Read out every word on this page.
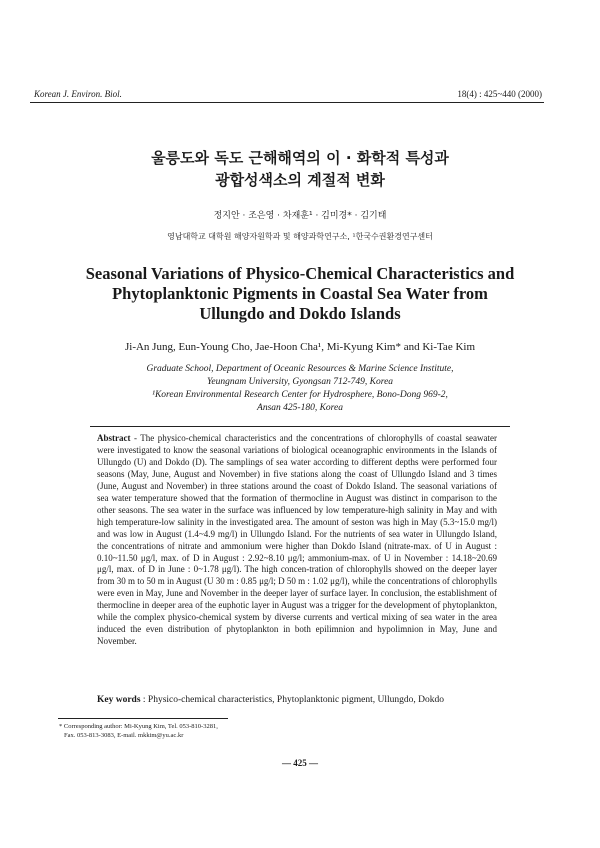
Korean J. Environ. Biol.	18(4) : 425~440 (2000)
울릉도와 독도 근해해역의 이 · 화학적 특성과
광합성색소의 계절적 변화
정지안 · 조은영 · 차재훈¹ · 김미경* · 김기태
영남대학교 대학원 해양자원학과 및 해양과학연구소, ¹한국수권환경연구센터
Seasonal Variations of Physico-Chemical Characteristics and
Phytoplanktonic Pigments in Coastal Sea Water from
Ullungdo and Dokdo Islands
Ji-An Jung, Eun-Young Cho, Jae-Hoon Cha¹, Mi-Kyung Kim* and Ki-Tae Kim
Graduate School, Department of Oceanic Resources & Marine Science Institute,
Yeungnam University, Gyongsan 712-749, Korea
¹Korean Environmental Research Center for Hydrosphere, Bono-Dong 969-2,
Ansan 425-180, Korea
Abstract - The physico-chemical characteristics and the concentrations of chlorophylls of coastal seawater were investigated to know the seasonal variations of biological oceanographic environments in the Islands of Ullungdo (U) and Dokdo (D). The samplings of sea water according to different depths were performed four seasons (May, June, August and November) in five stations along the coast of Ullungdo Island and 3 times (June, August and November) in three stations around the coast of Dokdo Island. The seasonal variations of sea water temperature showed that the formation of thermocline in August was distinct in comparison to the other seasons. The sea water in the surface was influenced by low temperature-high salinity in May and with high temperature-low salinity in the investigated area. The amount of seston was high in May (5.3~15.0 mg/l) and was low in August (1.4~4.9 mg/l) in Ullungdo Island. For the nutrients of sea water in Ullungdo Island, the concentrations of nitrate and ammonium were higher than Dokdo Island (nitrate-max. of U in August : 0.10~11.50 μg/l, max. of D in August : 2.92~8.10 μg/l; ammonium-max. of U in November : 14.18~20.69 μg/l, max. of D in June : 0~1.78 μg/l). The high concen-tration of chlorophylls showed on the deeper layer from 30 m to 50 m in August (U 30 m : 0.85 μg/l; D 50 m : 1.02 μg/l), while the concentrations of chlorophylls were even in May, June and November in the deeper layer of surface layer. In conclusion, the establishment of thermocline in deeper area of the euphotic layer in August was a trigger for the development of phytoplankton, while the complex physico-chemical system by diverse currents and vertical mixing of sea water in the area induced the even distribution of phytoplankton in both epilimnion and hypolimnion in May, June and November.
Key words : Physico-chemical characteristics, Phytoplanktonic pigment, Ullungdo, Dokdo
* Corresponding author: Mi-Kyung Kim, Tel. 053-810-3281,
Fax. 053-813-3083, E-mail. mkkim@yu.ac.kr
— 425 —
